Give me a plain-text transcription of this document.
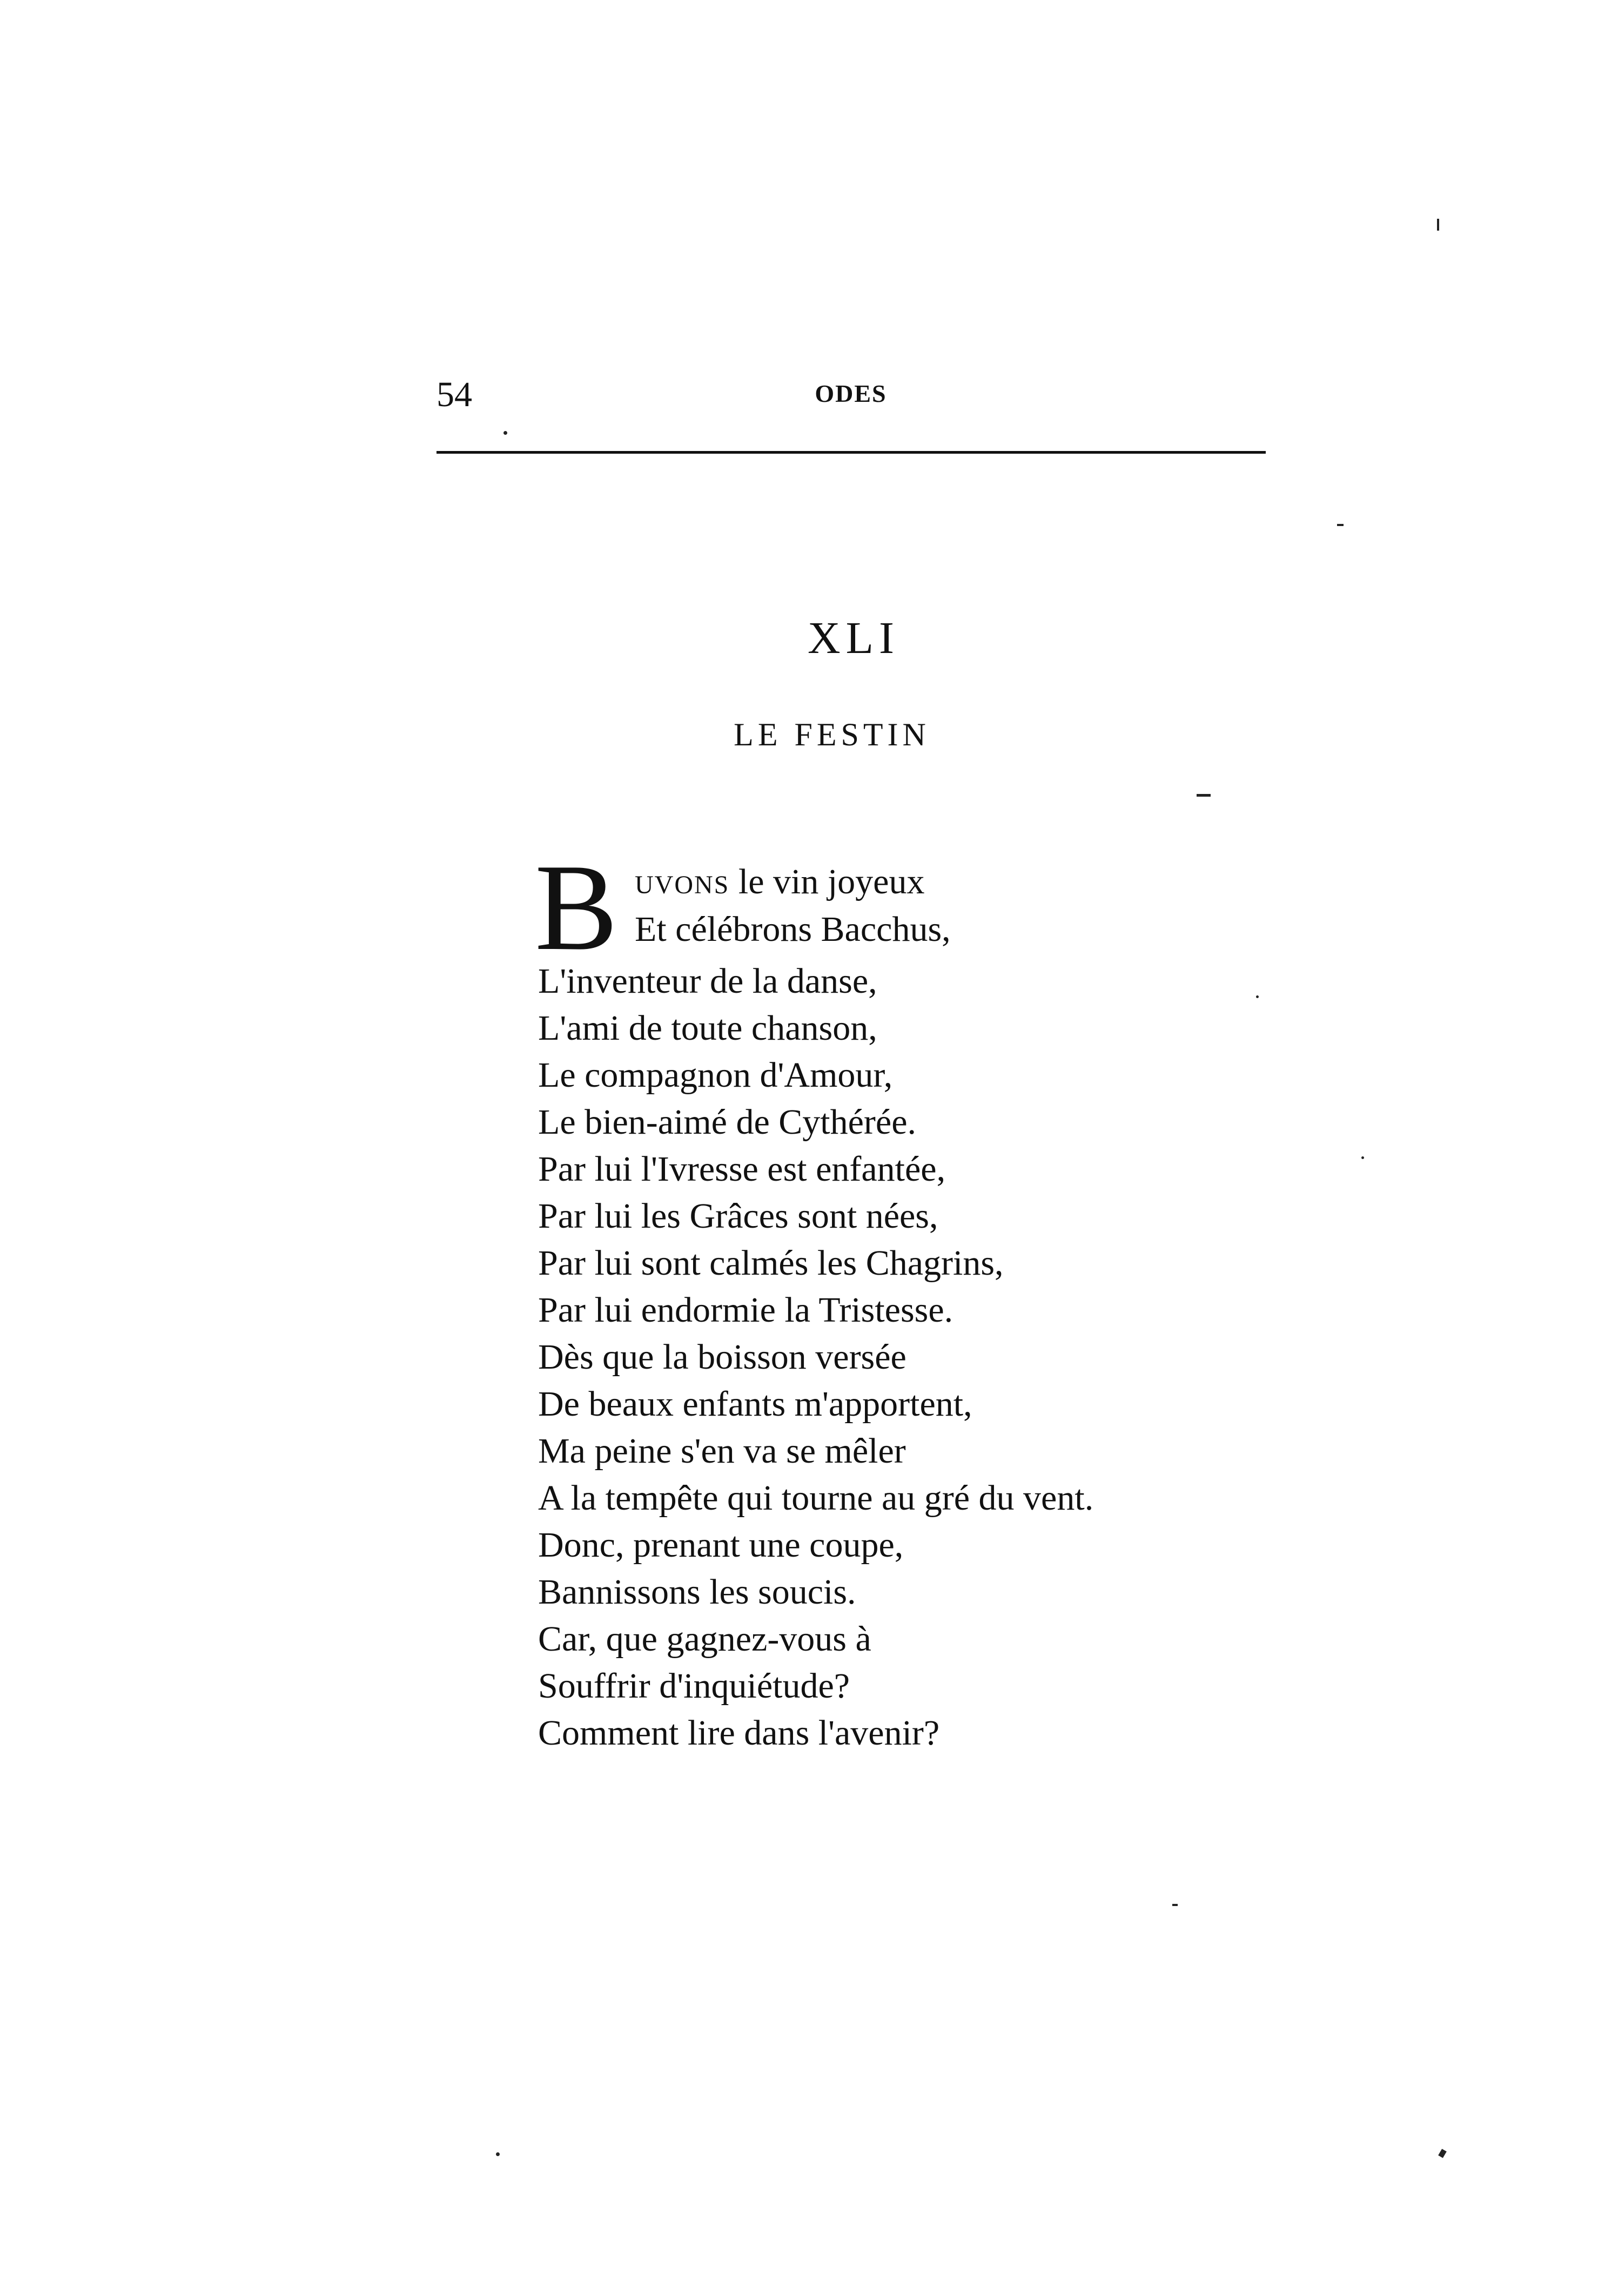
54	ODES
XLI
LE FESTIN
B UVONS le vin joyeux
Et célébrons Bacchus,
L'inventeur de la danse,
L'ami de toute chanson,
Le compagnon d'Amour,
Le bien-aimé de Cythérée.
Par lui l'Ivresse est enfantée,
Par lui les Grâces sont nées,
Par lui sont calmés les Chagrins,
Par lui endormie la Tristesse.
Dès que la boisson versée
De beaux enfants m'apportent,
Ma peine s'en va se mêler
A la tempête qui tourne au gré du vent.
Donc, prenant une coupe,
Bannissons les soucis.
Car, que gagnez-vous à
Souffrir d'inquiétude?
Comment lire dans l'avenir?
